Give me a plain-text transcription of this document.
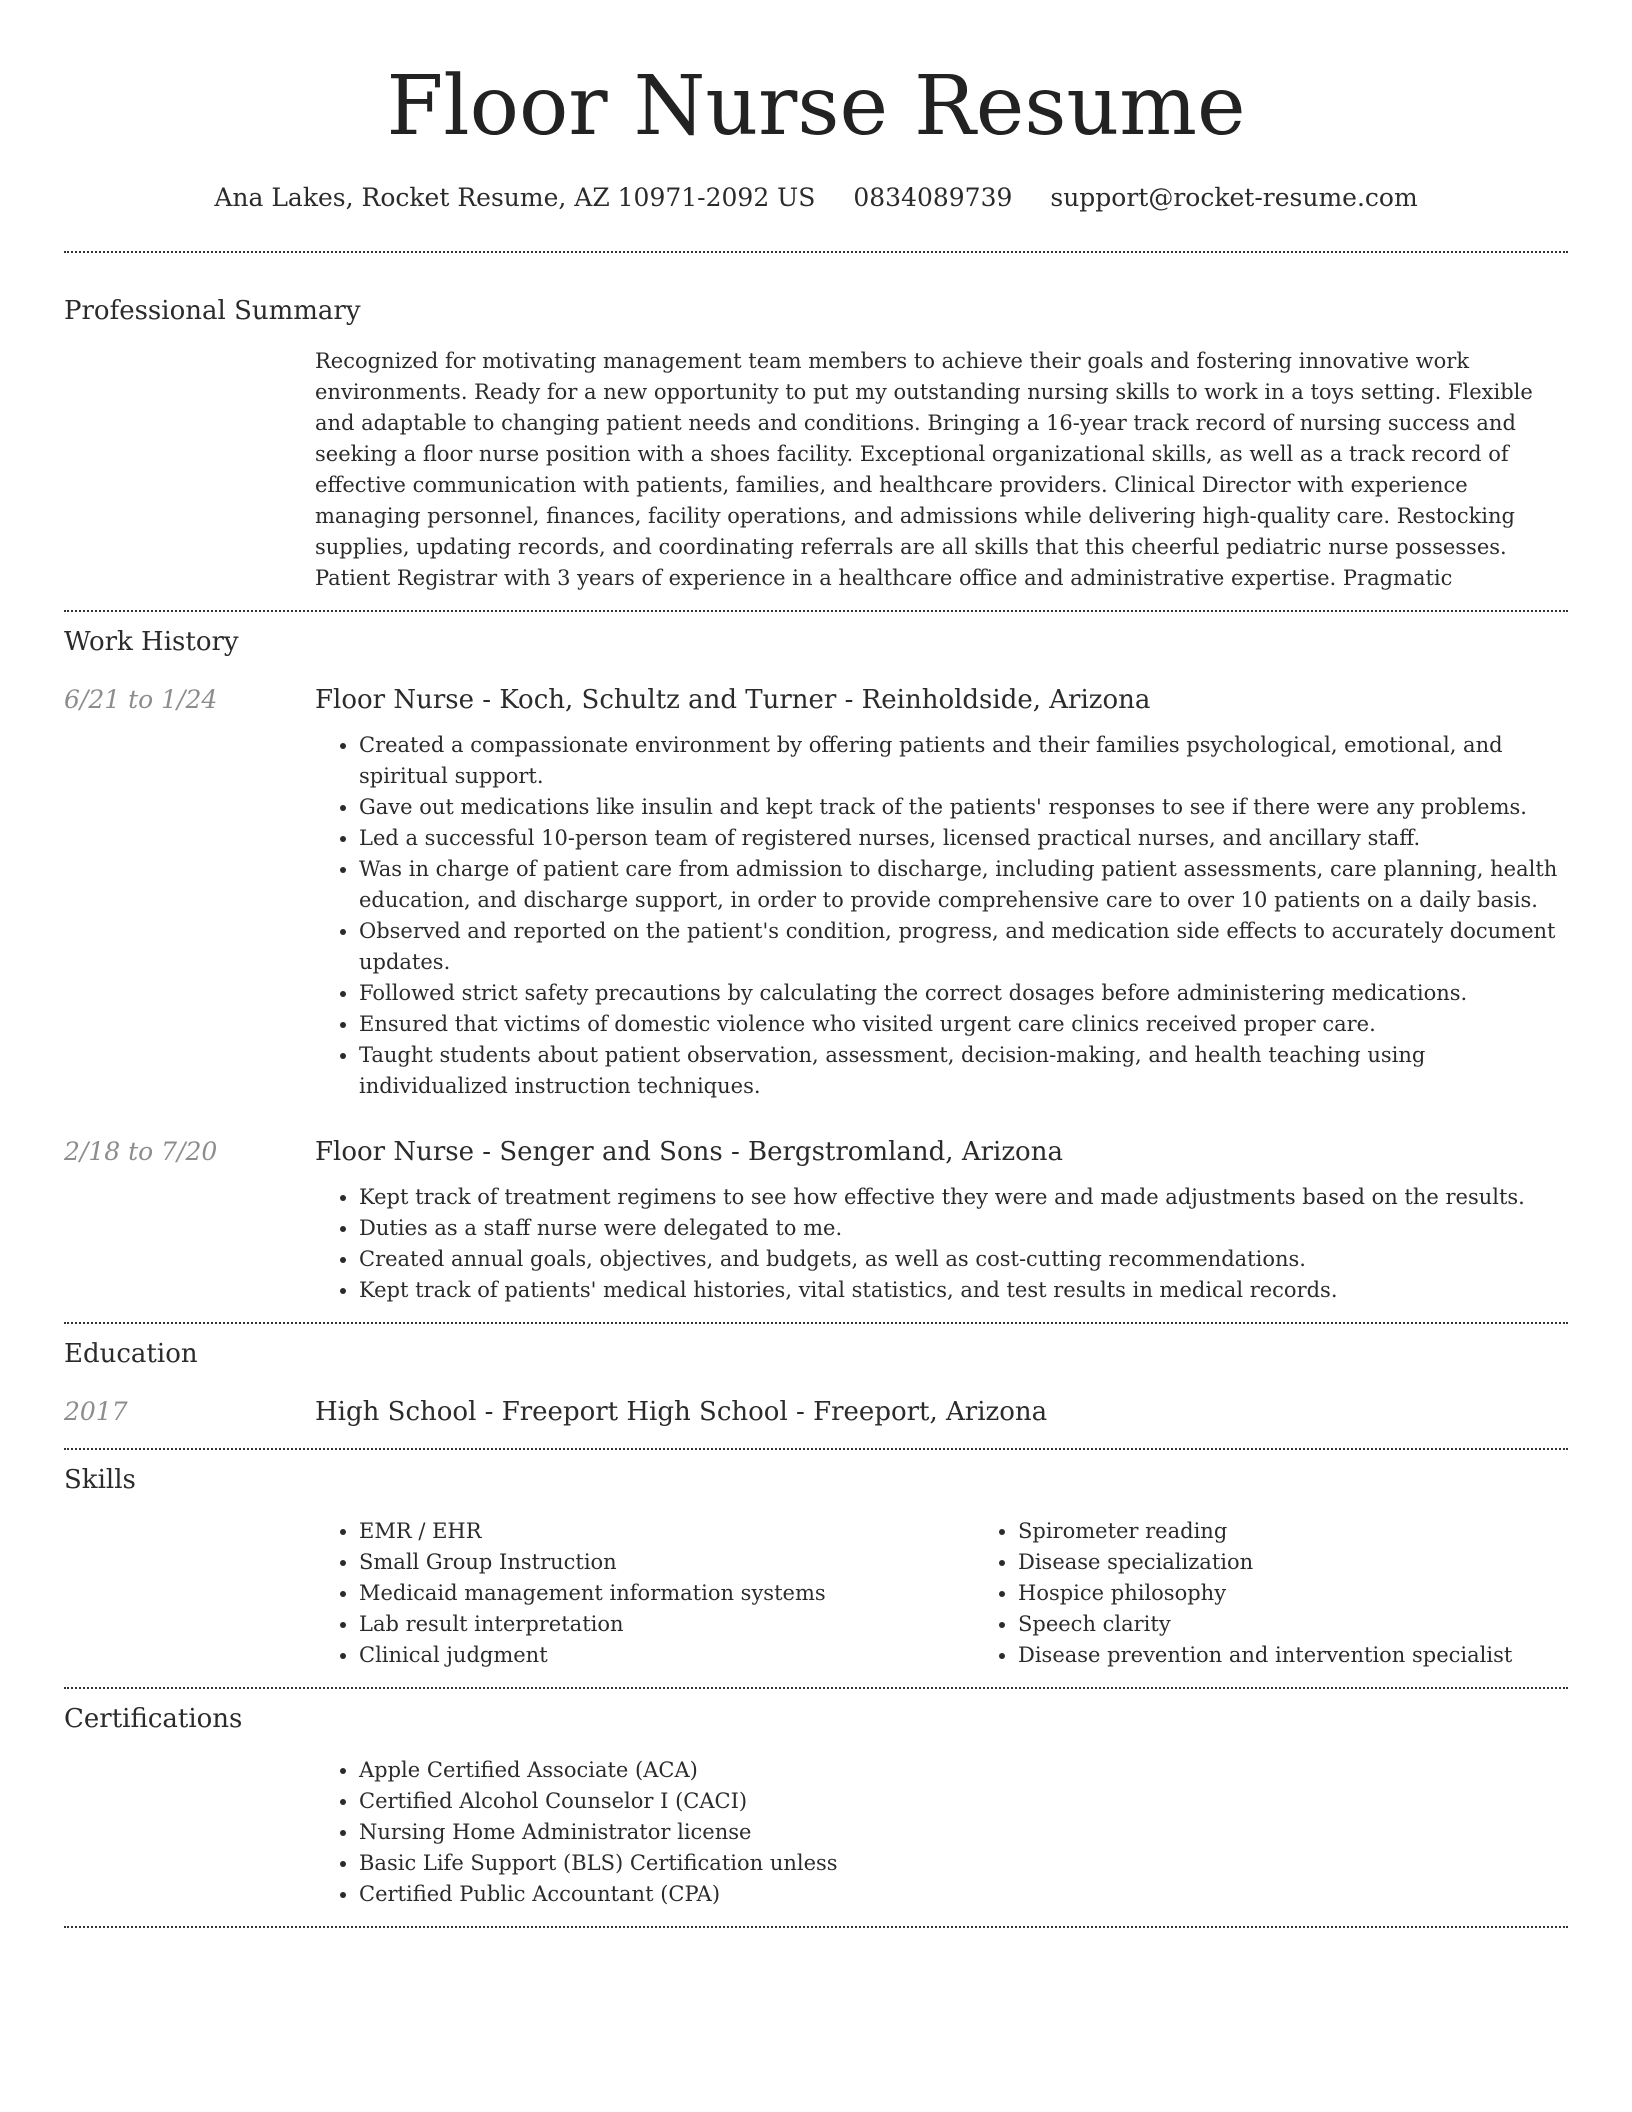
Floor Nurse Resume
Ana Lakes, Rocket Resume, AZ 10971-2092 US 0834089739 support@rocket-resume.com
Professional Summary

Recognized for motivating management team members to achieve their goals and fostering innovative work environments. Ready for a new opportunity to put my outstanding nursing skills to work in a toys setting. Flexible and adaptable to changing patient needs and conditions. Bringing a 16-year track record of nursing success and seeking a floor nurse position with a shoes facility. Exceptional organizational skills, as well as a track record of effective communication with patients, families, and healthcare providers. Clinical Director with experience managing personnel, finances, facility operations, and admissions while delivering high-quality care. Restocking supplies, updating records, and coordinating referrals are all skills that this cheerful pediatric nurse possesses. Patient Registrar with 3 years of experience in a healthcare office and administrative expertise. Pragmatic

Work History
6/21 to 1/24	Floor Nurse - Koch, Schultz and Turner - Reinholdside, Arizona
• Created a compassionate environment by offering patients and their families psychological, emotional, and spiritual support.
• Gave out medications like insulin and kept track of the patients' responses to see if there were any problems.
• Led a successful 10-person team of registered nurses, licensed practical nurses, and ancillary staff.
• Was in charge of patient care from admission to discharge, including patient assessments, care planning, health education, and discharge support, in order to provide comprehensive care to over 10 patients on a daily basis.
• Observed and reported on the patient's condition, progress, and medication side effects to accurately document updates.
• Followed strict safety precautions by calculating the correct dosages before administering medications.
• Ensured that victims of domestic violence who visited urgent care clinics received proper care.
• Taught students about patient observation, assessment, decision-making, and health teaching using individualized instruction techniques.
2/18 to 7/20	Floor Nurse - Senger and Sons - Bergstromland, Arizona
• Kept track of treatment regimens to see how effective they were and made adjustments based on the results.
• Duties as a staff nurse were delegated to me.
• Created annual goals, objectives, and budgets, as well as cost-cutting recommendations.
• Kept track of patients' medical histories, vital statistics, and test results in medical records.
Education
2017	High School - Freeport High School - Freeport, Arizona
Skills
• EMR / EHR
• Small Group Instruction
• Medicaid management information systems
• Lab result interpretation
• Clinical judgment
• Spirometer reading
• Disease specialization
• Hospice philosophy
• Speech clarity
• Disease prevention and intervention specialist
Certifications
• Apple Certified Associate (ACA)
• Certified Alcohol Counselor I (CACI)
• Nursing Home Administrator license
• Basic Life Support (BLS) Certification unless
• Certified Public Accountant (CPA)
